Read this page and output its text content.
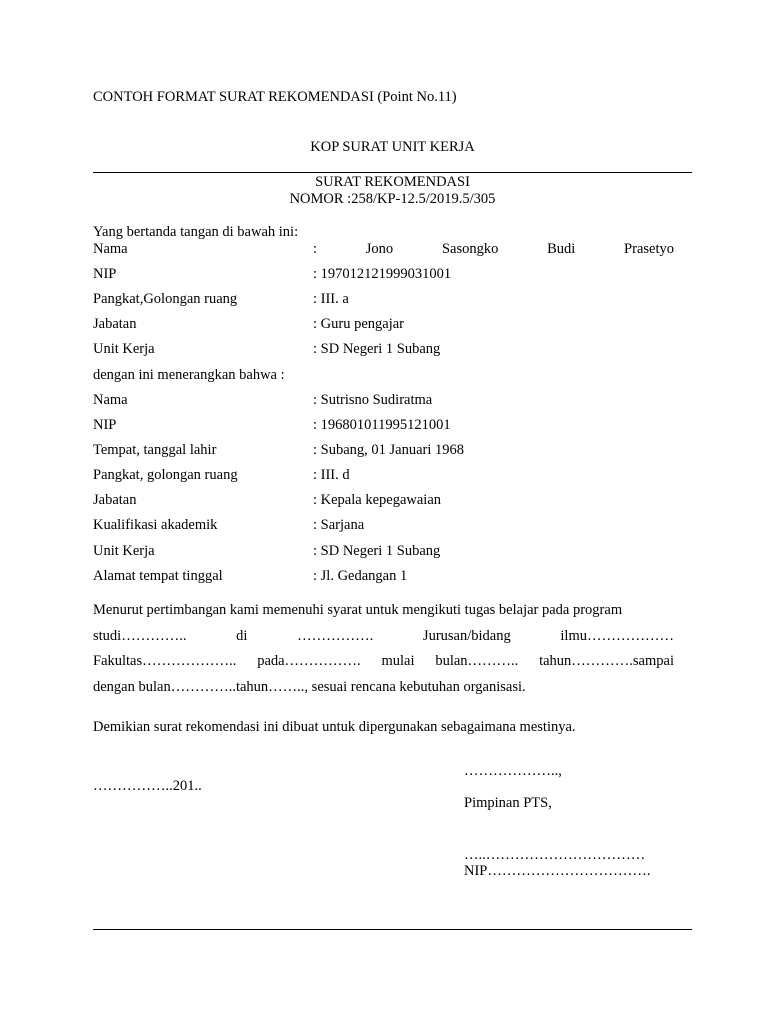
CONTOH FORMAT SURAT REKOMENDASI (Point No.11)
KOP SURAT UNIT KERJA
SURAT REKOMENDASI
NOMOR :258/KP-12.5/2019.5/305
Yang bertanda tangan di bawah ini:
Nama	:	Jono	Sasongko	Budi	Prasetyo
NIP	: 197012121999031001
Pangkat,Golongan ruang	: III. a
Jabatan	: Guru pengajar
Unit Kerja	: SD Negeri 1 Subang
dengan ini menerangkan bahwa :
Nama	: Sutrisno Sudiratma
NIP	: 196801011995121001
Tempat, tanggal lahir	: Subang, 01 Januari 1968
Pangkat, golongan ruang	: III. d
Jabatan	: Kepala kepegawaian
Kualifikasi akademik	: Sarjana
Unit Kerja	: SD Negeri 1 Subang
Alamat tempat tinggal	: Jl. Gedangan 1
Menurut pertimbangan kami memenuhi syarat untuk mengikuti tugas belajar pada program
studi…………..	di	…………….	Jurusan/bidang	ilmu………………
Fakultas……………….. pada……………. mulai bulan……….. tahun………….sampai
dengan bulan…………..tahun…….., sesuai rencana kebutuhan organisasi.
Demikian surat rekomendasi ini dibuat untuk dipergunakan sebagaimana mestinya.
……………..201..
………………..,
Pimpinan PTS,
…..……………………………
NIP…………………………….
